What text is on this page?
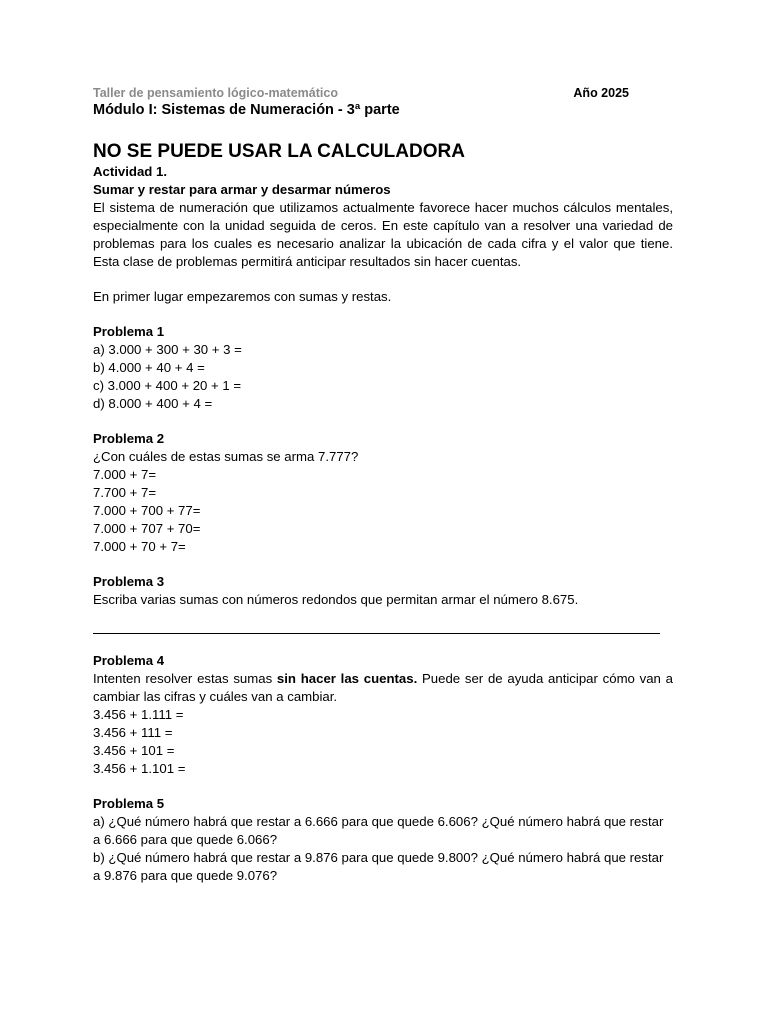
Taller de pensamiento lógico-matemático	Año 2025
Módulo I: Sistemas de Numeración - 3ª parte
NO SE PUEDE USAR LA CALCULADORA

Actividad 1.

Sumar y restar para armar y desarmar números

El sistema de numeración que utilizamos actualmente favorece hacer muchos cálculos mentales, especialmente con la unidad seguida de ceros. En este capítulo van a resolver una variedad de problemas para los cuales es necesario analizar la ubicación de cada cifra y el valor que tiene. Esta clase de problemas permitirá anticipar resultados sin hacer cuentas.

En primer lugar empezaremos con sumas y restas.

Problema 1

a) 3.000 + 300 + 30 + 3 =

b) 4.000 + 40 + 4 =

c) 3.000 + 400 + 20 + 1 =

d) 8.000 + 400 + 4 =

Problema 2

¿Con cuáles de estas sumas se arma 7.777?

7.000 + 7=

7.700 + 7=

7.000 + 700 + 77=

7.000 + 707 + 70=

7.000 + 70 + 7=

Problema 3

Escriba varias sumas con números redondos que permitan armar el número 8.675.

Problema 4

Intenten resolver estas sumas sin hacer las cuentas. Puede ser de ayuda anticipar cómo van a cambiar las cifras y cuáles van a cambiar.

3.456 + 1.111 =

3.456 + 111 =

3.456 + 101 =

3.456 + 1.101 =

Problema 5

a) ¿Qué número habrá que restar a 6.666 para que quede 6.606? ¿Qué número habrá que restar a 6.666 para que quede 6.066?

b) ¿Qué número habrá que restar a 9.876 para que quede 9.800? ¿Qué número habrá que restar a 9.876 para que quede 9.076?
